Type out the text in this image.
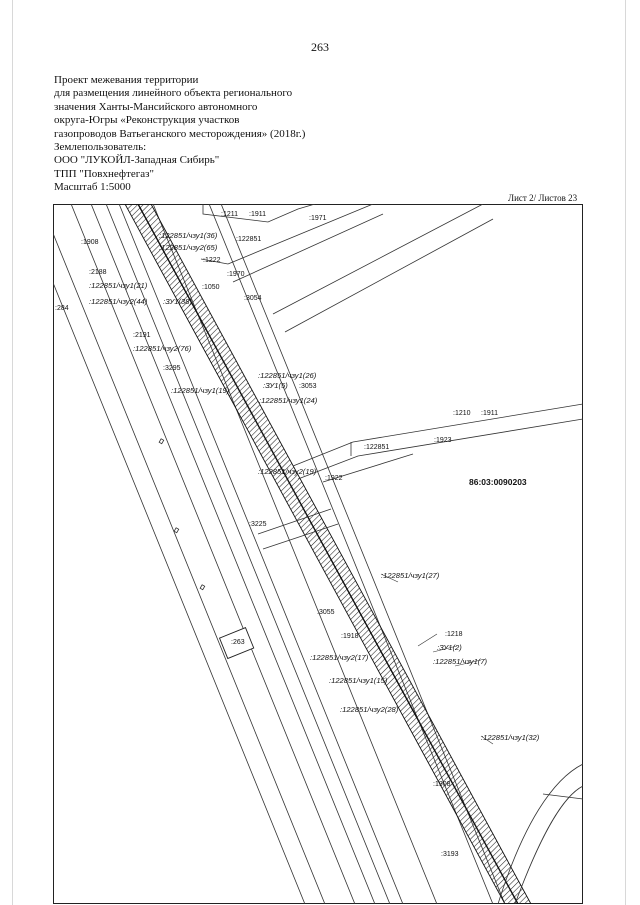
263
Проект межевания территории
для размещения линейного объекта регионального
значения Ханты-Мансийского автономного
округа-Югры «Реконструкция участков
газопроводов Ватьеганского месторождения» (2018г.)
Землепользователь:
ООО "ЛУКОЙЛ-Западная Сибирь"
ТПП "Повхнефтегаз"
Масштаб 1:5000
Лист 2/ Листов 23
:263
86:03:0090203
:122851/чзу1(36)
:122851/чзу2(65)
:122851/чзу1(21)
:122851/чзу2(44) :ЗУ1(38)
:122851/чзу2(76)
:122851/чзу1(26)
:122851/чзу1(19)
:ЗУ1(5)
:122851/чзу1(24)
:122851/чзу2(19)
:122851/чзу1(27)
:ЗУ1(2)
:122851/чзу2(17)	:122851/чзу1(7)
:122851/чзу1(15)
:122851/чзу2(28)
:122851/чзу1(32)
:1211 :1911
:1971
:1908	:122851
:1222
:2188	:1970
:1050
:3054
:284
:2191
:3295
:3053
:1210 :1911
:1923
:122851
:1922
:3225
:3055
:1918	:1218
:1908
:3193
